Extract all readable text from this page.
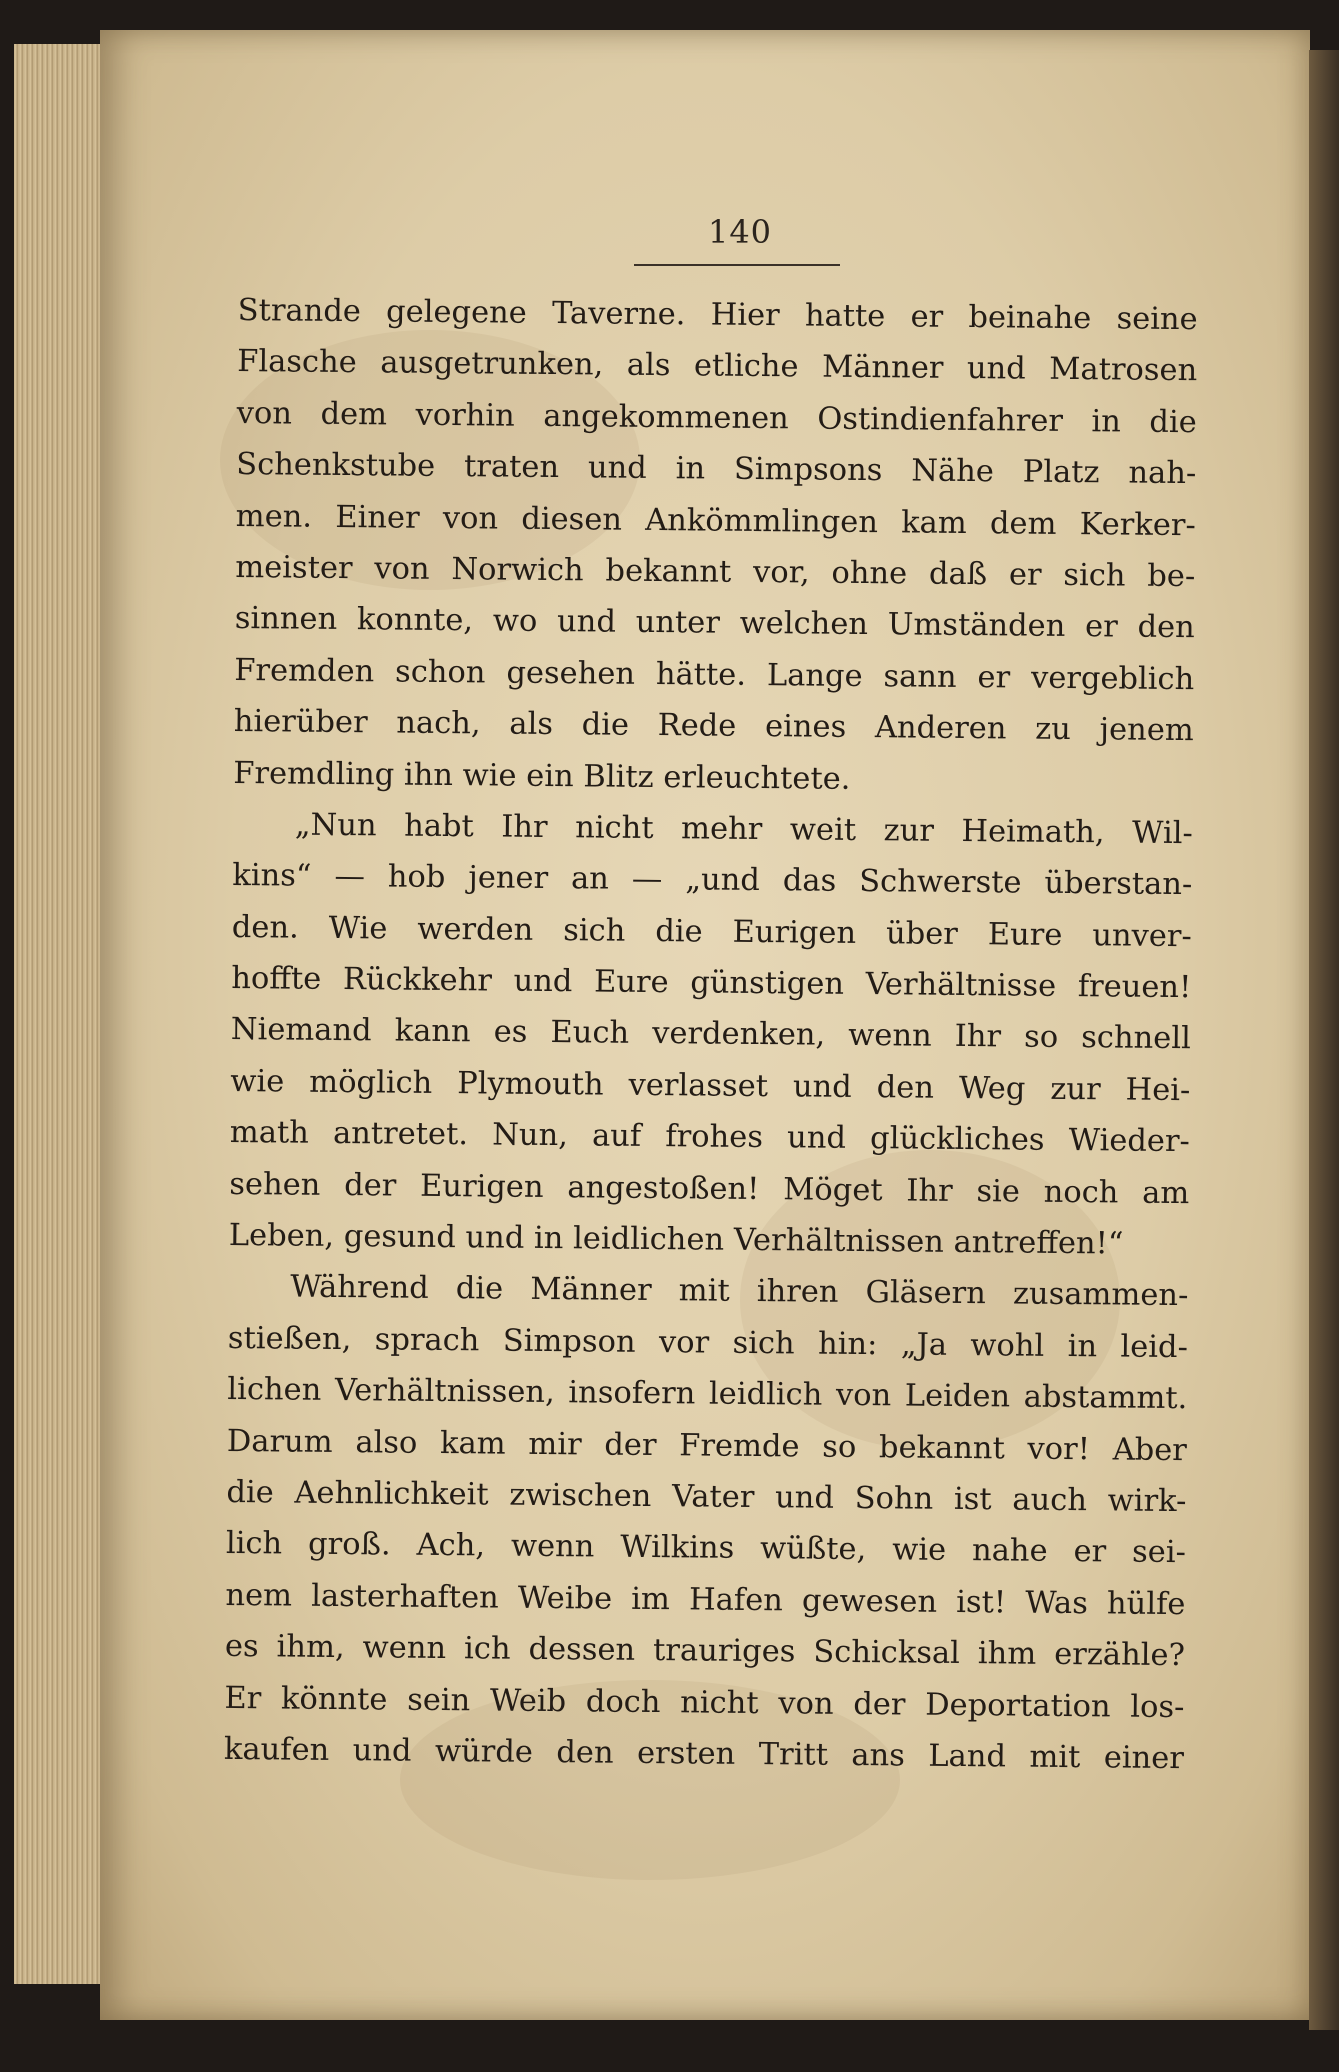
140
Strande gelegene Taverne. Hier hatte er beinahe seine
Flasche ausgetrunken, als etliche Männer und Matrosen
von dem vorhin angekommenen Ostindienfahrer in die
Schenkstube traten und in Simpsons Nähe Platz nah-
men. Einer von diesen Ankömmlingen kam dem Kerker-
meister von Norwich bekannt vor, ohne daß er sich be-
sinnen konnte, wo und unter welchen Umständen er den
Fremden schon gesehen hätte. Lange sann er vergeblich
hierüber nach, als die Rede eines Anderen zu jenem
Fremdling ihn wie ein Blitz erleuchtete.
„Nun habt Ihr nicht mehr weit zur Heimath, Wil-
kins“ — hob jener an — „und das Schwerste überstan-
den. Wie werden sich die Eurigen über Eure unver-
hoffte Rückkehr und Eure günstigen Verhältnisse freuen!
Niemand kann es Euch verdenken, wenn Ihr so schnell
wie möglich Plymouth verlasset und den Weg zur Hei-
math antretet. Nun, auf frohes und glückliches Wieder-
sehen der Eurigen angestoßen! Möget Ihr sie noch am
Leben, gesund und in leidlichen Verhältnissen antreffen!“
Während die Männer mit ihren Gläsern zusammen-
stießen, sprach Simpson vor sich hin: „Ja wohl in leid-
lichen Verhältnissen, insofern leidlich von Leiden abstammt.
Darum also kam mir der Fremde so bekannt vor! Aber
die Aehnlichkeit zwischen Vater und Sohn ist auch wirk-
lich groß. Ach, wenn Wilkins wüßte, wie nahe er sei-
nem lasterhaften Weibe im Hafen gewesen ist! Was hülfe
es ihm, wenn ich dessen trauriges Schicksal ihm erzähle?
Er könnte sein Weib doch nicht von der Deportation los-
kaufen und würde den ersten Tritt ans Land mit einer
